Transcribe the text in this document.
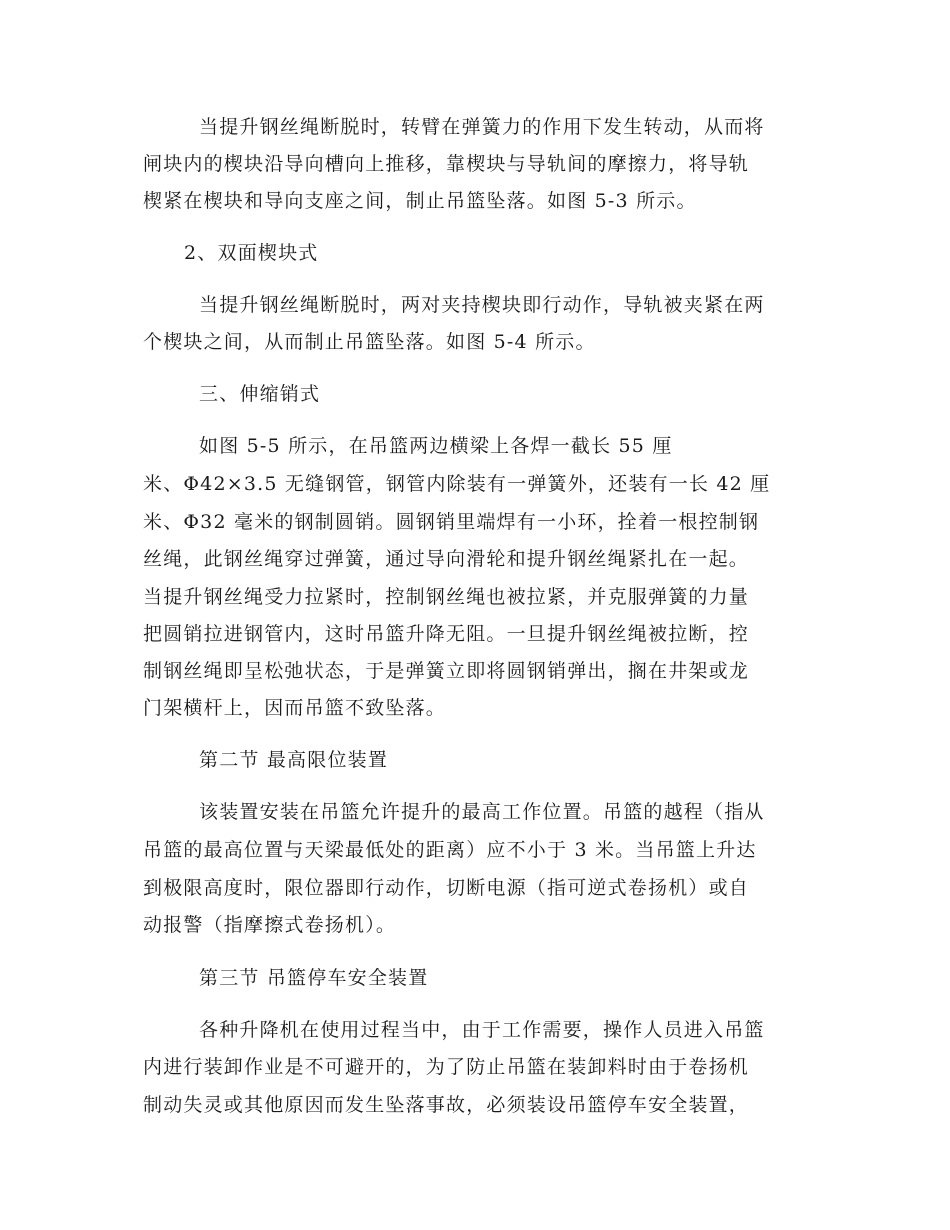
当提升钢丝绳断脱时，转臂在弹簧力的作用下发生转动，从而将
闸块内的楔块沿导向槽向上推移，靠楔块与导轨间的摩擦力，将导轨
楔紧在楔块和导向支座之间，制止吊篮坠落。如图 5-3 所示。
2、双面楔块式
当提升钢丝绳断脱时，两对夹持楔块即行动作，导轨被夹紧在两
个楔块之间，从而制止吊篮坠落。如图 5-4 所示。
三、伸缩销式
如图 5-5 所示，在吊篮两边横梁上各焊一截长 55 厘
米、Φ42×3.5 无缝钢管，钢管内除装有一弹簧外，还装有一长 42 厘
米、Φ32 毫米的钢制圆销。圆钢销里端焊有一小环，拴着一根控制钢
丝绳，此钢丝绳穿过弹簧，通过导向滑轮和提升钢丝绳紧扎在一起。
当提升钢丝绳受力拉紧时，控制钢丝绳也被拉紧，并克服弹簧的力量
把圆销拉进钢管内，这时吊篮升降无阻。一旦提升钢丝绳被拉断，控
制钢丝绳即呈松弛状态，于是弹簧立即将圆钢销弹出，搁在井架或龙
门架横杆上，因而吊篮不致坠落。
第二节 最高限位装置
该装置安装在吊篮允许提升的最高工作位置。吊篮的越程（指从
吊篮的最高位置与天梁最低处的距离）应不小于 3 米。当吊篮上升达
到极限高度时，限位器即行动作，切断电源（指可逆式卷扬机）或自
动报警（指摩擦式卷扬机）。
第三节 吊篮停车安全装置
各种升降机在使用过程当中，由于工作需要，操作人员进入吊篮
内进行装卸作业是不可避开的，为了防止吊篮在装卸料时由于卷扬机
制动失灵或其他原因而发生坠落事故，必须装设吊篮停车安全装置，
